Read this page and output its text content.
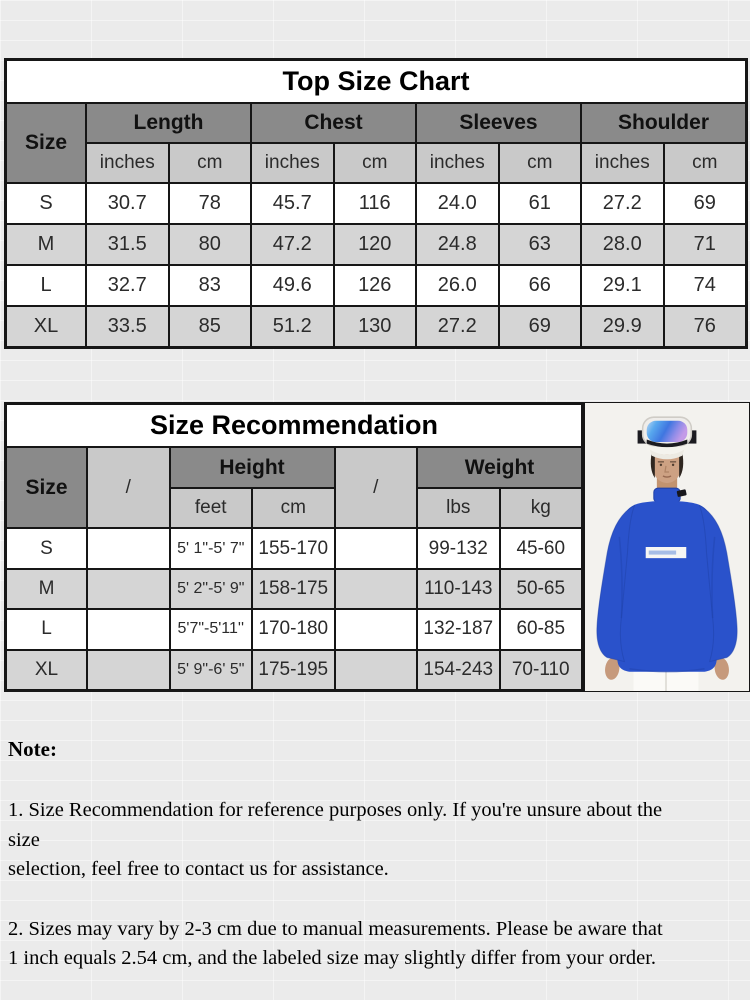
Top Size Chart								
Size	Length		Chest		Sleeves		Shoulder	
	inches	cm	inches	cm	inches	cm	inches	cm
S	30.7	78	45.7	116	24.0	61	27.2	69
M	31.5	80	47.2	120	24.8	63	28.0	71
L	32.7	83	49.6	126	26.0	66	29.1	74
XL	33.5	85	51.2	130	27.2	69	29.9	76
Size Recommendation						
Size	/	Height		/	Weight	
		feet	cm		lbs	kg
S		5' 1"-5' 7"	155-170		99-132	45-60
M		5' 2"-5' 9"	158-175		110-143	50-65
L		5'7"-5'11''	170-180		132-187	60-85
XL		5' 9"-6' 5"	175-195		154-243	70-110

Note:

1. Size Recommendation for reference purposes only. If you're unsure about the

size

selection, feel free to contact us for assistance.

2. Sizes may vary by 2-3 cm due to manual measurements. Please be aware that

1 inch equals 2.54 cm, and the labeled size may slightly differ from your order.
